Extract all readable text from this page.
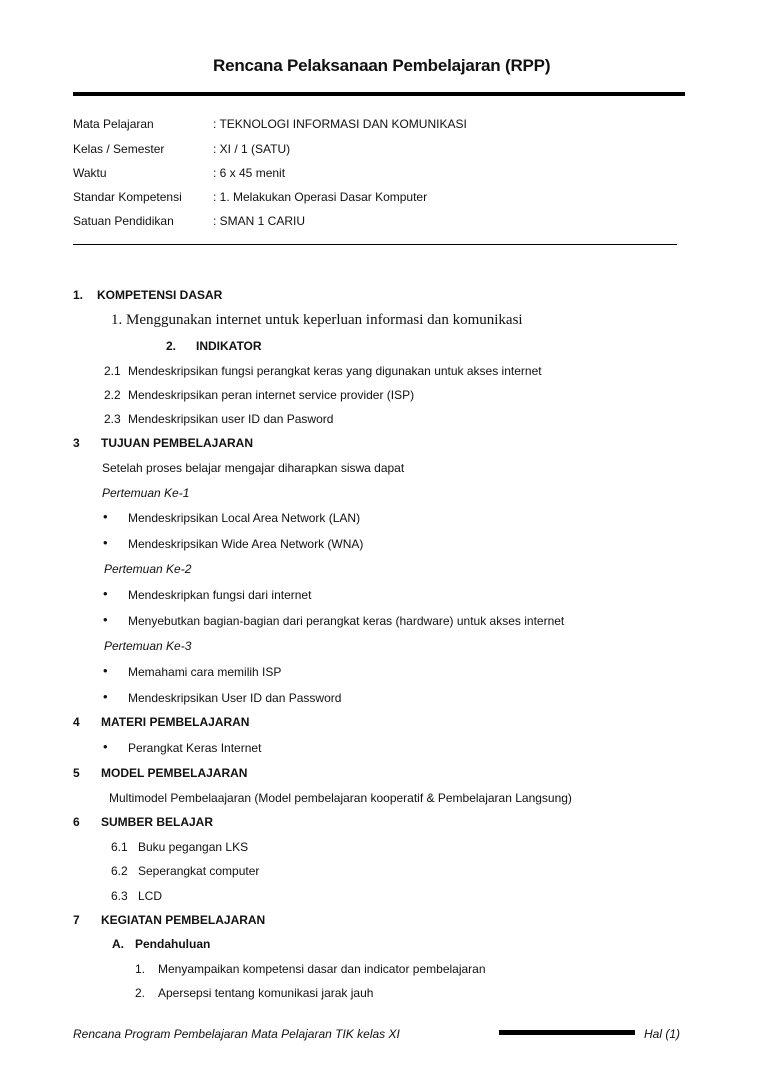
Rencana Pelaksanaan Pembelajaran (RPP)
Mata Pelajaran	: TEKNOLOGI INFORMASI DAN KOMUNIKASI
Kelas / Semester	: XI / 1 (SATU)
Waktu	: 6 x 45 menit
Standar Kompetensi	: 1. Melakukan Operasi Dasar Komputer
Satuan Pendidikan	: SMAN 1 CARIU
1. KOMPETENSI DASAR
1. Menggunakan internet untuk keperluan informasi dan komunikasi
2. INDIKATOR
2.1 Mendeskripsikan fungsi perangkat keras yang digunakan untuk akses internet
2.2 Mendeskripsikan peran internet service provider (ISP)
2.3 Mendeskripsikan user ID dan Pasword
3 TUJUAN PEMBELAJARAN
Setelah proses belajar mengajar diharapkan siswa dapat
Pertemuan Ke-1
• Mendeskripsikan Local Area Network (LAN)
• Mendeskripsikan Wide Area Network (WNA)
Pertemuan Ke-2
• Mendeskripkan fungsi dari internet
• Menyebutkan bagian-bagian dari perangkat keras (hardware) untuk akses internet
Pertemuan Ke-3
• Memahami cara memilih ISP
• Mendeskripsikan User ID dan Password
4 MATERI PEMBELAJARAN
• Perangkat Keras Internet
5 MODEL PEMBELAJARAN
Multimodel Pembelaajaran (Model pembelajaran kooperatif & Pembelajaran Langsung)
6 SUMBER BELAJAR
6.1 Buku pegangan LKS
6.2 Seperangkat computer
6.3 LCD
7 KEGIATAN PEMBELAJARAN
A. Pendahuluan
1. Menyampaikan kompetensi dasar dan indicator pembelajaran
2. Apersepsi tentang komunikasi jarak jauh
Rencana Program Pembelajaran Mata Pelajaran TIK kelas XI	Hal (1)
